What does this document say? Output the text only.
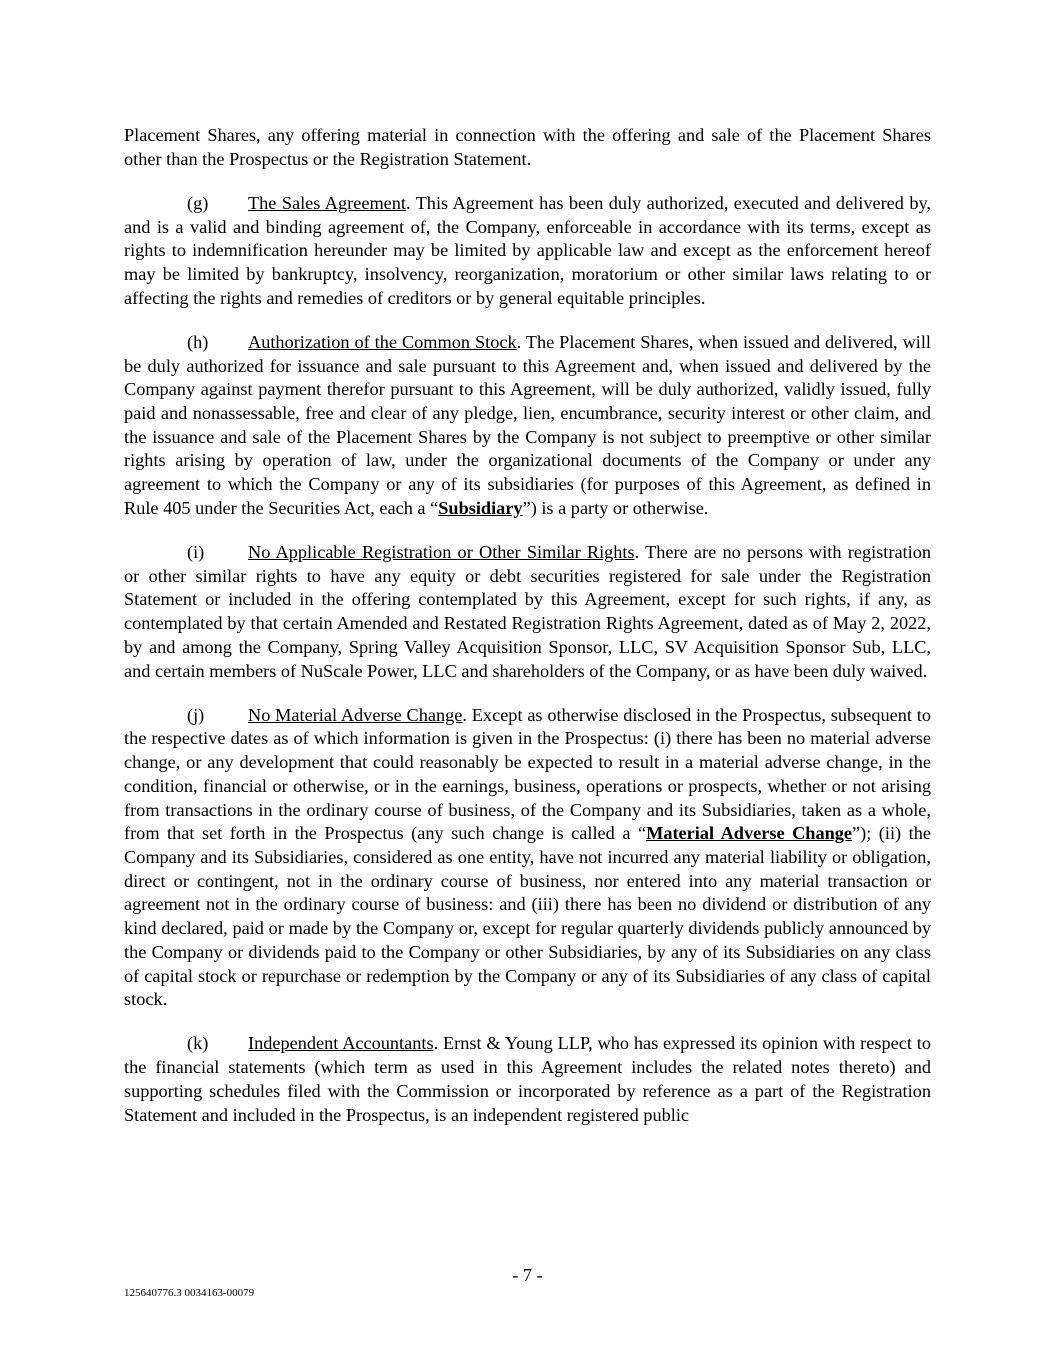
Placement Shares, any offering material in connection with the offering and sale of the Placement Shares other than the Prospectus or the Registration Statement.

(g) The Sales Agreement. This Agreement has been duly authorized, executed and delivered by, and is a valid and binding agreement of, the Company, enforceable in accordance with its terms, except as rights to indemnification hereunder may be limited by applicable law and except as the enforcement hereof may be limited by bankruptcy, insolvency, reorganization, moratorium or other similar laws relating to or affecting the rights and remedies of creditors or by general equitable principles.

(h) Authorization of the Common Stock. The Placement Shares, when issued and delivered, will be duly authorized for issuance and sale pursuant to this Agreement and, when issued and delivered by the Company against payment therefor pursuant to this Agreement, will be duly authorized, validly issued, fully paid and nonassessable, free and clear of any pledge, lien, encumbrance, security interest or other claim, and the issuance and sale of the Placement Shares by the Company is not subject to preemptive or other similar rights arising by operation of law, under the organizational documents of the Company or under any agreement to which the Company or any of its subsidiaries (for purposes of this Agreement, as defined in Rule 405 under the Securities Act, each a “Subsidiary”) is a party or otherwise.

(i) No Applicable Registration or Other Similar Rights. There are no persons with registration or other similar rights to have any equity or debt securities registered for sale under the Registration Statement or included in the offering contemplated by this Agreement, except for such rights, if any, as contemplated by that certain Amended and Restated Registration Rights Agreement, dated as of May 2, 2022, by and among the Company, Spring Valley Acquisition Sponsor, LLC, SV Acquisition Sponsor Sub, LLC, and certain members of NuScale Power, LLC and shareholders of the Company, or as have been duly waived.

(j) No Material Adverse Change. Except as otherwise disclosed in the Prospectus, subsequent to the respective dates as of which information is given in the Prospectus: (i) there has been no material adverse change, or any development that could reasonably be expected to result in a material adverse change, in the condition, financial or otherwise, or in the earnings, business, operations or prospects, whether or not arising from transactions in the ordinary course of business, of the Company and its Subsidiaries, taken as a whole, from that set forth in the Prospectus (any such change is called a “Material Adverse Change”); (ii) the Company and its Subsidiaries, considered as one entity, have not incurred any material liability or obligation, direct or contingent, not in the ordinary course of business, nor entered into any material transaction or agreement not in the ordinary course of business: and (iii) there has been no dividend or distribution of any kind declared, paid or made by the Company or, except for regular quarterly dividends publicly announced by the Company or dividends paid to the Company or other Subsidiaries, by any of its Subsidiaries on any class of capital stock or repurchase or redemption by the Company or any of its Subsidiaries of any class of capital stock.

(k) Independent Accountants. Ernst & Young LLP, who has expressed its opinion with respect to the financial statements (which term as used in this Agreement includes the related notes thereto) and supporting schedules filed with the Commission or incorporated by reference as a part of the Registration Statement and included in the Prospectus, is an independent registered public

- 7 -
125640776.3 0034163-00079
